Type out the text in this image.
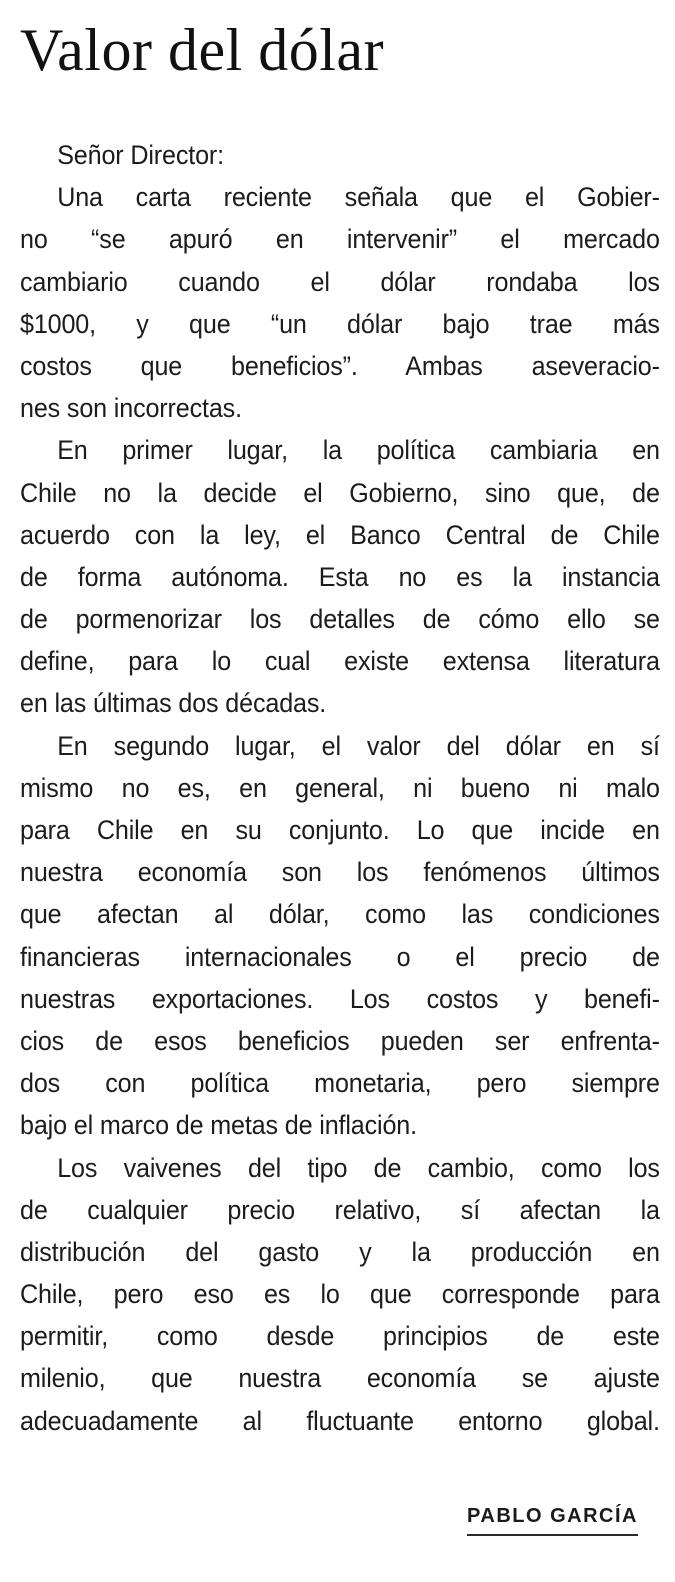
Valor del dólar
Señor Director:
Una carta reciente señala que el Gobier-
no “se apuró en intervenir” el mercado
cambiario cuando el dólar rondaba los
$1000, y que “un dólar bajo trae más
costos que beneficios”. Ambas aseveracio-
nes son incorrectas.
En primer lugar, la política cambiaria en
Chile no la decide el Gobierno, sino que, de
acuerdo con la ley, el Banco Central de Chile
de forma autónoma. Esta no es la instancia
de pormenorizar los detalles de cómo ello se
define, para lo cual existe extensa literatura
en las últimas dos décadas.
En segundo lugar, el valor del dólar en sí
mismo no es, en general, ni bueno ni malo
para Chile en su conjunto. Lo que incide en
nuestra economía son los fenómenos últimos
que afectan al dólar, como las condiciones
financieras internacionales o el precio de
nuestras exportaciones. Los costos y benefi-
cios de esos beneficios pueden ser enfrenta-
dos con política monetaria, pero siempre
bajo el marco de metas de inflación.
Los vaivenes del tipo de cambio, como los
de cualquier precio relativo, sí afectan la
distribución del gasto y la producción en
Chile, pero eso es lo que corresponde para
permitir, como desde principios de este
milenio, que nuestra economía se ajuste
adecuadamente al fluctuante entorno global.
PABLO GARCÍA
